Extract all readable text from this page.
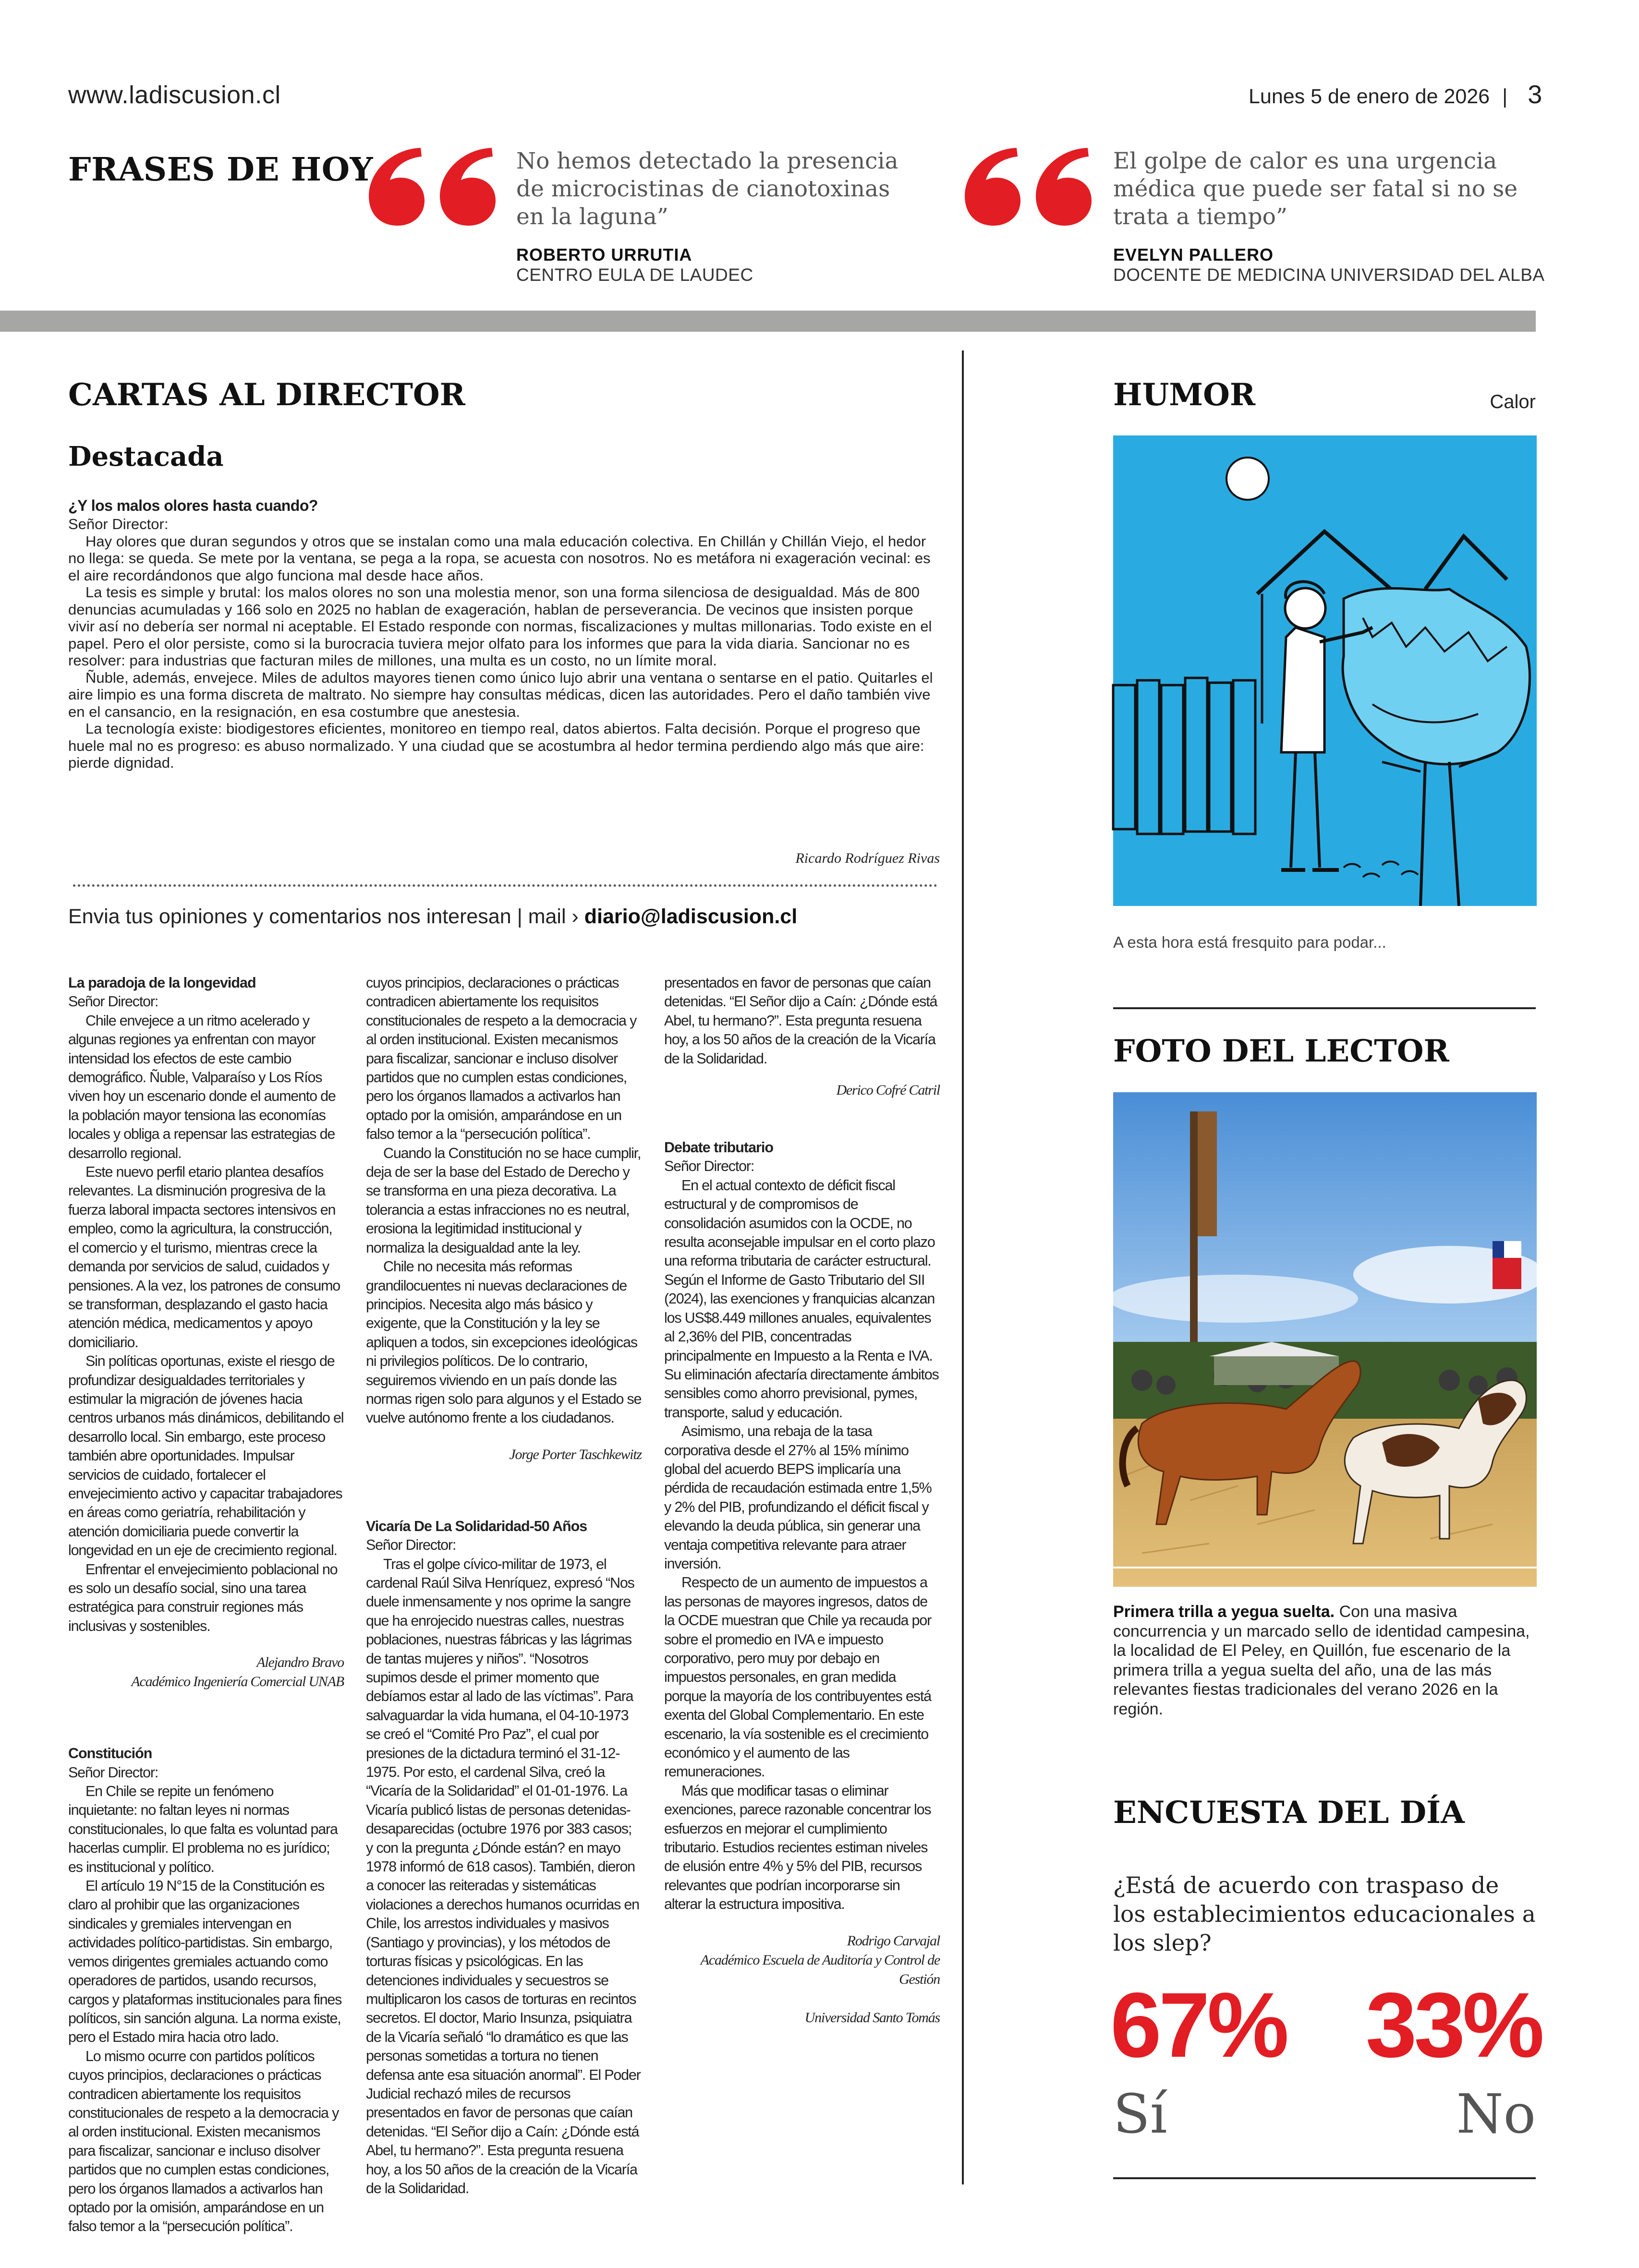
www.ladiscusion.cl	Lunes 5 de enero de 2026 | 3
FRASES DE HOY	No hemos detectado la presencia de microcistinas de cianotoxinas en la laguna”
ROBERTO URRUTIA
CENTRO EULA DE LAUDEC
El golpe de calor es una urgencia médica que puede ser fatal si no se trata a tiempo”
EVELYN PALLERO
DOCENTE DE MEDICINA UNIVERSIDAD DEL ALBA
CARTAS AL DIRECTOR
Destacada
¿Y los malos olores hasta cuando?

Señor Director:

Hay olores que duran segundos y otros que se instalan como una mala educación colectiva. En Chillán y Chillán Viejo, el hedor no llega: se queda. Se mete por la ventana, se pega a la ropa, se acuesta con nosotros. No es metáfora ni exageración vecinal: es el aire recordándonos que algo funciona mal desde hace años.

La tesis es simple y brutal: los malos olores no son una molestia menor, son una forma silenciosa de desigualdad. Más de 800 denuncias acumuladas y 166 solo en 2025 no hablan de exageración, hablan de perseverancia. De vecinos que insisten porque vivir así no debería ser normal ni aceptable. El Estado responde con normas, fiscalizaciones y multas millonarias. Todo existe en el papel. Pero el olor persiste, como si la burocracia tuviera mejor olfato para los informes que para la vida diaria. Sancionar no es resolver: para industrias que facturan miles de millones, una multa es un costo, no un límite moral.

Ñuble, además, envejece. Miles de adultos mayores tienen como único lujo abrir una ventana o sentarse en el patio. Quitarles el aire limpio es una forma discreta de maltrato. No siempre hay consultas médicas, dicen las autoridades. Pero el daño también vive en el cansancio, en la resignación, en esa costumbre que anestesia.

La tecnología existe: biodigestores eficientes, monitoreo en tiempo real, datos abiertos. Falta decisión. Porque el progreso que huele mal no es progreso: es abuso normalizado. Y una ciudad que se acostumbra al hedor termina perdiendo algo más que aire: pierde dignidad.

Ricardo Rodríguez Rivas
Envia tus opiniones y comentarios nos interesan | mail › diario@ladiscusion.cl

La paradoja de la longevidad

Señor Director:

Chile envejece a un ritmo acelerado y algunas regiones ya enfrentan con mayor intensidad los efectos de este cambio demográfico. Ñuble, Valparaíso y Los Ríos viven hoy un escenario donde el aumento de la población mayor tensiona las economías locales y obliga a repensar las estrategias de desarrollo regional.

Este nuevo perfil etario plantea desafíos relevantes. La disminución progresiva de la fuerza laboral impacta sectores intensivos en empleo, como la agricultura, la construcción, el comercio y el turismo, mientras crece la demanda por servicios de salud, cuidados y pensiones. A la vez, los patrones de consumo se transforman, desplazando el gasto hacia atención médica, medicamentos y apoyo domiciliario.

Sin políticas oportunas, existe el riesgo de profundizar desigualdades territoriales y estimular la migración de jóvenes hacia centros urbanos más dinámicos, debilitando el desarrollo local. Sin embargo, este proceso también abre oportunidades. Impulsar servicios de cuidado, fortalecer el envejecimiento activo y capacitar trabajadores en áreas como geriatría, rehabilitación y atención domiciliaria puede convertir la longevidad en un eje de crecimiento regional.

Enfrentar el envejecimiento poblacional no es solo un desafío social, sino una tarea estratégica para construir regiones más inclusivas y sostenibles.

Alejandro Bravo
Académico Ingeniería Comercial UNAB

Constitución

Señor Director:

En Chile se repite un fenómeno inquietante: no faltan leyes ni normas constitucionales, lo que falta es voluntad para hacerlas cumplir. El problema no es jurídico; es institucional y político.

El artículo 19 N°15 de la Constitución es claro al prohibir que las organizaciones sindicales y gremiales intervengan en actividades político-partidistas. Sin embargo, vemos dirigentes gremiales actuando como operadores de partidos, usando recursos, cargos y plataformas institucionales para fines políticos, sin sanción alguna. La norma existe, pero el Estado mira hacia otro lado.

Lo mismo ocurre con partidos políticos cuyos principios, declaraciones o prácticas contradicen abiertamente los requisitos constitucionales de respeto a la democracia y al orden institucional. Existen mecanismos para fiscalizar, sancionar e incluso disolver partidos que no cumplen estas condiciones, pero los órganos llamados a activarlos han optado por la omisión, amparándose en un falso temor a la “persecución política”.

cuyos principios, declaraciones o prácticas contradicen abiertamente los requisitos constitucionales de respeto a la democracia y al orden institucional. Existen mecanismos para fiscalizar, sancionar e incluso disolver partidos que no cumplen estas condiciones, pero los órganos llamados a activarlos han optado por la omisión, amparándose en un falso temor a la “persecución política”.

Cuando la Constitución no se hace cumplir, deja de ser la base del Estado de Derecho y se transforma en una pieza decorativa. La tolerancia a estas infracciones no es neutral, erosiona la legitimidad institucional y normaliza la desigualdad ante la ley.

Chile no necesita más reformas grandilocuentes ni nuevas declaraciones de principios. Necesita algo más básico y exigente, que la Constitución y la ley se apliquen a todos, sin excepciones ideológicas ni privilegios políticos. De lo contrario, seguiremos viviendo en un país donde las normas rigen solo para algunos y el Estado se vuelve autónomo frente a los ciudadanos.

Jorge Porter Taschkewitz

Vicaría De La Solidaridad-50 Años

Señor Director:

Tras el golpe cívico-militar de 1973, el cardenal Raúl Silva Henríquez, expresó “Nos duele inmensamente y nos oprime la sangre que ha enrojecido nuestras calles, nuestras poblaciones, nuestras fábricas y las lágrimas de tantas mujeres y niños”. “Nosotros supimos desde el primer momento que debíamos estar al lado de las víctimas”. Para salvaguardar la vida humana, el 04-10-1973 se creó el “Comité Pro Paz”, el cual por presiones de la dictadura terminó el 31-12-1975. Por esto, el cardenal Silva, creó la “Vicaría de la Solidaridad” el 01-01-1976. La Vicaría publicó listas de personas detenidas-desaparecidas (octubre 1976 por 383 casos; y con la pregunta ¿Dónde están? en mayo 1978 informó de 618 casos). También, dieron a conocer las reiteradas y sistemáticas violaciones a derechos humanos ocurridas en Chile, los arrestos individuales y masivos (Santiago y provincias), y los métodos de torturas físicas y psicológicas. En las detenciones individuales y secuestros se multiplicaron los casos de torturas en recintos secretos. El doctor, Mario Insunza, psiquiatra de la Vicaría señaló “lo dramático es que las personas sometidas a tortura no tienen defensa ante esa situación anormal”. El Poder Judicial rechazó miles de recursos presentados en favor de personas que caían detenidas. “El Señor dijo a Caín: ¿Dónde está Abel, tu hermano?”. Esta pregunta resuena hoy, a los 50 años de la creación de la Vicaría de la Solidaridad.

presentados en favor de personas que caían detenidas. “El Señor dijo a Caín: ¿Dónde está Abel, tu hermano?”. Esta pregunta resuena hoy, a los 50 años de la creación de la Vicaría de la Solidaridad.

Derico Cofré Catril

Debate tributario

Señor Director:

En el actual contexto de déficit fiscal estructural y de compromisos de consolidación asumidos con la OCDE, no resulta aconsejable impulsar en el corto plazo una reforma tributaria de carácter estructural. Según el Informe de Gasto Tributario del SII (2024), las exenciones y franquicias alcanzan los US$8.449 millones anuales, equivalentes al 2,36% del PIB, concentradas principalmente en Impuesto a la Renta e IVA. Su eliminación afectaría directamente ámbitos sensibles como ahorro previsional, pymes, transporte, salud y educación.

Asimismo, una rebaja de la tasa corporativa desde el 27% al 15% mínimo global del acuerdo BEPS implicaría una pérdida de recaudación estimada entre 1,5% y 2% del PIB, profundizando el déficit fiscal y elevando la deuda pública, sin generar una ventaja competitiva relevante para atraer inversión.

Respecto de un aumento de impuestos a las personas de mayores ingresos, datos de la OCDE muestran que Chile ya recauda por sobre el promedio en IVA e impuesto corporativo, pero muy por debajo en impuestos personales, en gran medida porque la mayoría de los contribuyentes está exenta del Global Complementario. En este escenario, la vía sostenible es el crecimiento económico y el aumento de las remuneraciones.

Más que modificar tasas o eliminar exenciones, parece razonable concentrar los esfuerzos en mejorar el cumplimiento tributario. Estudios recientes estiman niveles de elusión entre 4% y 5% del PIB, recursos relevantes que podrían incorporarse sin alterar la estructura impositiva.

Rodrigo Carvajal
Académico Escuela de Auditoría y Control de Gestión
Universidad Santo Tomás
HUMOR	Calor
A esta hora está fresquito para podar...
FOTO DEL LECTOR
Primera trilla a yegua suelta. Con una masiva concurrencia y un marcado sello de identidad campesina, la localidad de El Peley, en Quillón, fue escenario de la primera trilla a yegua suelta del año, una de las más relevantes fiestas tradicionales del verano 2026 en la región.
ENCUESTA DEL DÍA
¿Está de acuerdo con traspaso de los establecimientos educacionales a los slep?
67%
Sí
33%
No
